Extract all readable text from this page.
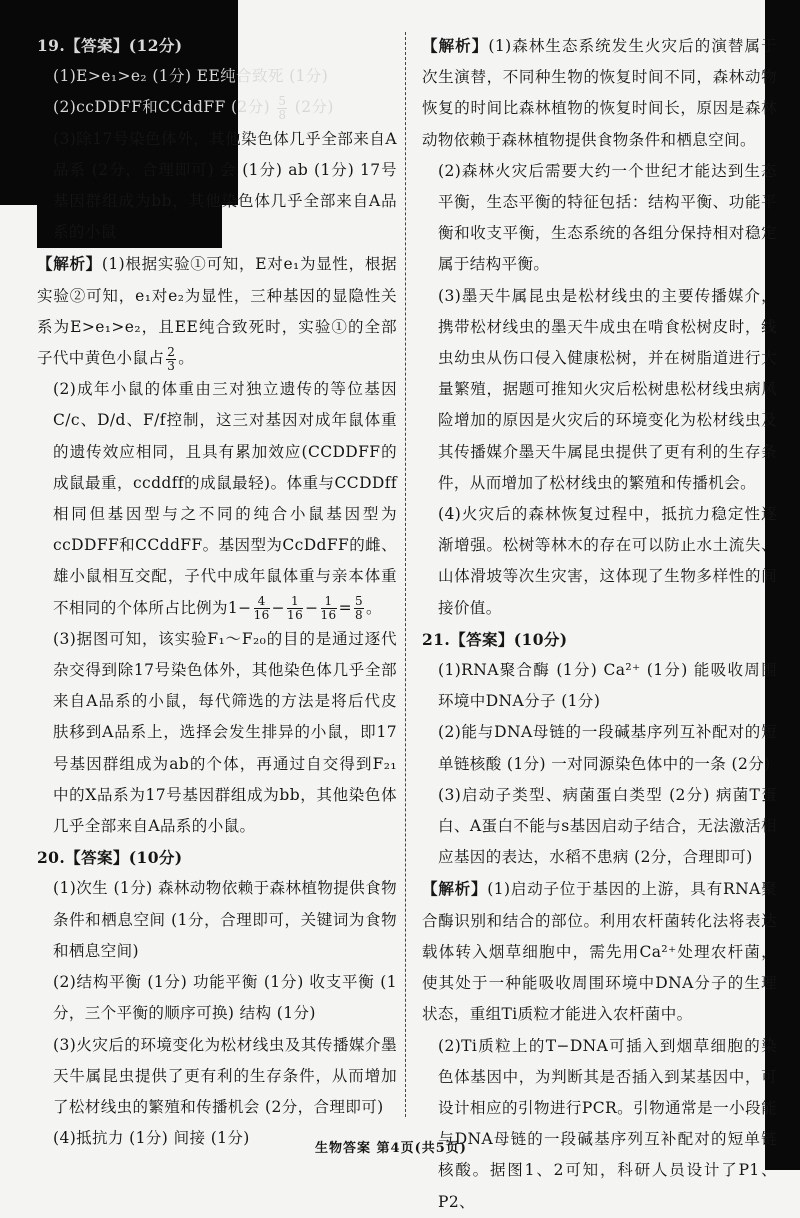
19.【答案】(12分)

(1)E>e₁>e₂ (1分) EE纯合致死 (1分)

(2)ccDDFF和CCddFF (2分) $\frac{5}{8} (2$分)

(3)除17号染色体外，其他染色体几乎全部来自A品系 (2分，合理即可) 会 (1分) ab (1分) 17号基因群组成为bb，其他染色体几乎全部来自A品系的小鼠

【解析】(1)根据实验①可知，E对e₁为显性，根据实验②可知，e₁对e₂为显性，三种基因的显隐性关系为E>e₁>e₂，且EE纯合致死时，实验①的全部子代中黄色小鼠占 $\frac{2}{3}$ 。

(2)成年小鼠的体重由三对独立遗传的等位基因C/c、D/d、F/f控制，这三对基因对成年鼠体重的遗传效应相同，且具有累加效应(CCDDFF的成鼠最重，ccddff的成鼠最轻)。体重与CCDDff相同但基因型与之不同的纯合小鼠基因型为ccDDFF和CCddFF。基因型为CcDdFF的雌、雄小鼠相互交配，子代中成年鼠体重与亲本体重不相同的个体所占比例为$1- \frac{4}{16} - \frac{1}{16} - \frac{1}{16} = \frac{5}{8}$ 。

(3)据图可知，该实验F₁～F₂₀的目的是通过逐代杂交得到除17号染色体外，其他染色体几乎全部来自A品系的小鼠，每代筛选的方法是将后代皮肤移到A品系上，选择会发生排异的小鼠，即17号基因群组成为ab的个体，再通过自交得到F₂₁中的X品系为17号基因群组成为bb，其他染色体几乎全部来自A品系的小鼠。

20.【答案】(10分)

(1)次生 (1分) 森林动物依赖于森林植物提供食物条件和栖息空间 (1分，合理即可，关键词为食物和栖息空间)

(2)结构平衡 (1分) 功能平衡 (1分) 收支平衡 (1分，三个平衡的顺序可换) 结构 (1分)

(3)火灾后的环境变化为松材线虫及其传播媒介墨天牛属昆虫提供了更有利的生存条件，从而增加了松材线虫的繁殖和传播机会 (2分，合理即可)

(4)抵抗力 (1分) 间接 (1分)

【解析】(1)森林生态系统发生火灾后的演替属于次生演替，不同种生物的恢复时间不同，森林动物恢复的时间比森林植物的恢复时间长，原因是森林动物依赖于森林植物提供食物条件和栖息空间。

(2)森林火灾后需要大约一个世纪才能达到生态平衡，生态平衡的特征包括：结构平衡、功能平衡和收支平衡，生态系统的各组分保持相对稳定属于结构平衡。

(3)墨天牛属昆虫是松材线虫的主要传播媒介，携带松材线虫的墨天牛成虫在啃食松树皮时，线虫幼虫从伤口侵入健康松树，并在树脂道进行大量繁殖，据题可推知火灾后松树患松材线虫病风险增加的原因是火灾后的环境变化为松材线虫及其传播媒介墨天牛属昆虫提供了更有利的生存条件，从而增加了松材线虫的繁殖和传播机会。

(4)火灾后的森林恢复过程中，抵抗力稳定性逐渐增强。松树等林木的存在可以防止水土流失、山体滑坡等次生灾害，这体现了生物多样性的间接价值。

21.【答案】(10分)

(1)RNA聚合酶 (1分) Ca²⁺ (1分) 能吸收周围环境中DNA分子 (1分)

(2)能与DNA母链的一段碱基序列互补配对的短单链核酸 (1分) 一对同源染色体中的一条 (2分)

(3)启动子类型、病菌蛋白类型 (2分) 病菌T蛋白、A蛋白不能与s基因启动子结合，无法激活相应基因的表达，水稻不患病 (2分，合理即可)

【解析】(1)启动子位于基因的上游，具有RNA聚合酶识别和结合的部位。利用农杆菌转化法将表达载体转入烟草细胞中，需先用Ca²⁺处理农杆菌，使其处于一种能吸收周围环境中DNA分子的生理状态，重组Ti质粒才能进入农杆菌中。

(2)Ti质粒上的T−DNA可插入到烟草细胞的染色体基因中，为判断其是否插入到某基因中，可设计相应的引物进行PCR。引物通常是一小段能与DNA母链的一段碱基序列互补配对的短单链核酸。据图1、2可知，科研人员设计了P1、P2、

生物答案 第4页(共5页)
